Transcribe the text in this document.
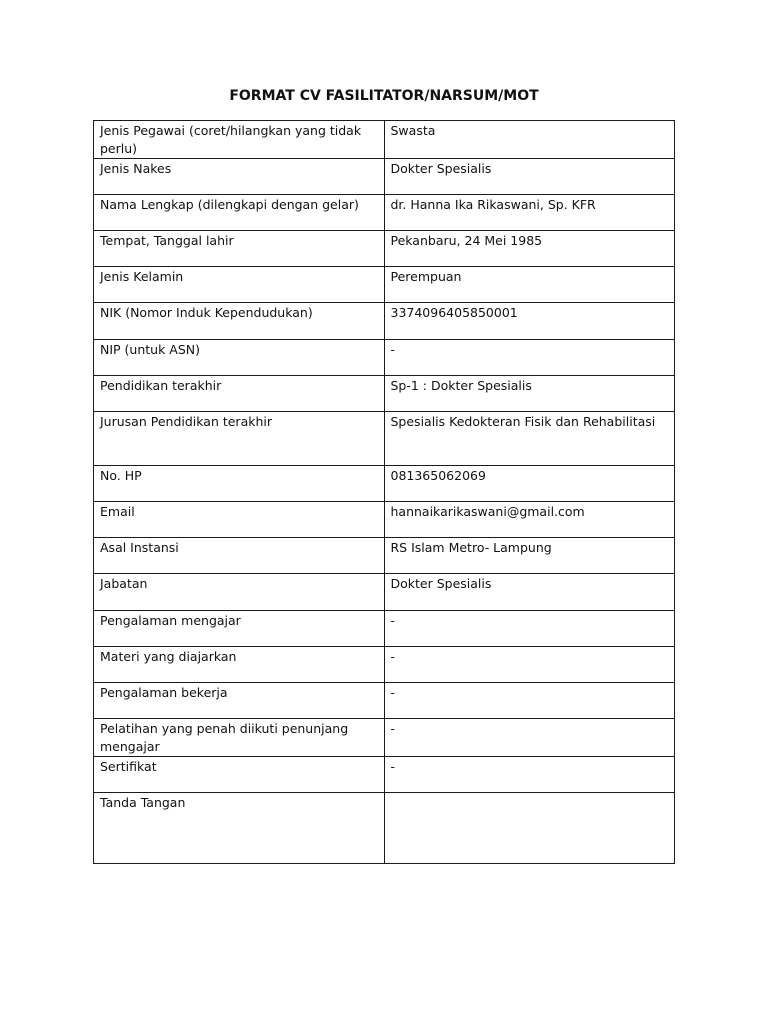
FORMAT CV FASILITATOR/NARSUM/MOT
Jenis Pegawai (coret/hilangkan yang tidak perlu)	Swasta
Jenis Nakes	Dokter Spesialis
Nama Lengkap (dilengkapi dengan gelar)	dr. Hanna Ika Rikaswani, Sp. KFR
Tempat, Tanggal lahir	Pekanbaru, 24 Mei 1985
Jenis Kelamin	Perempuan
NIK (Nomor Induk Kependudukan)	3374096405850001
NIP (untuk ASN)	-
Pendidikan terakhir	Sp-1 : Dokter Spesialis
Jurusan Pendidikan terakhir	Spesialis Kedokteran Fisik dan Rehabilitasi
No. HP	081365062069
Email	hannaikarikaswani@gmail.com
Asal Instansi	RS Islam Metro- Lampung
Jabatan	Dokter Spesialis
Pengalaman mengajar	-
Materi yang diajarkan	-
Pengalaman bekerja	-
Pelatihan yang penah diikuti penunjang mengajar	-
Sertifikat	-
Tanda Tangan	
